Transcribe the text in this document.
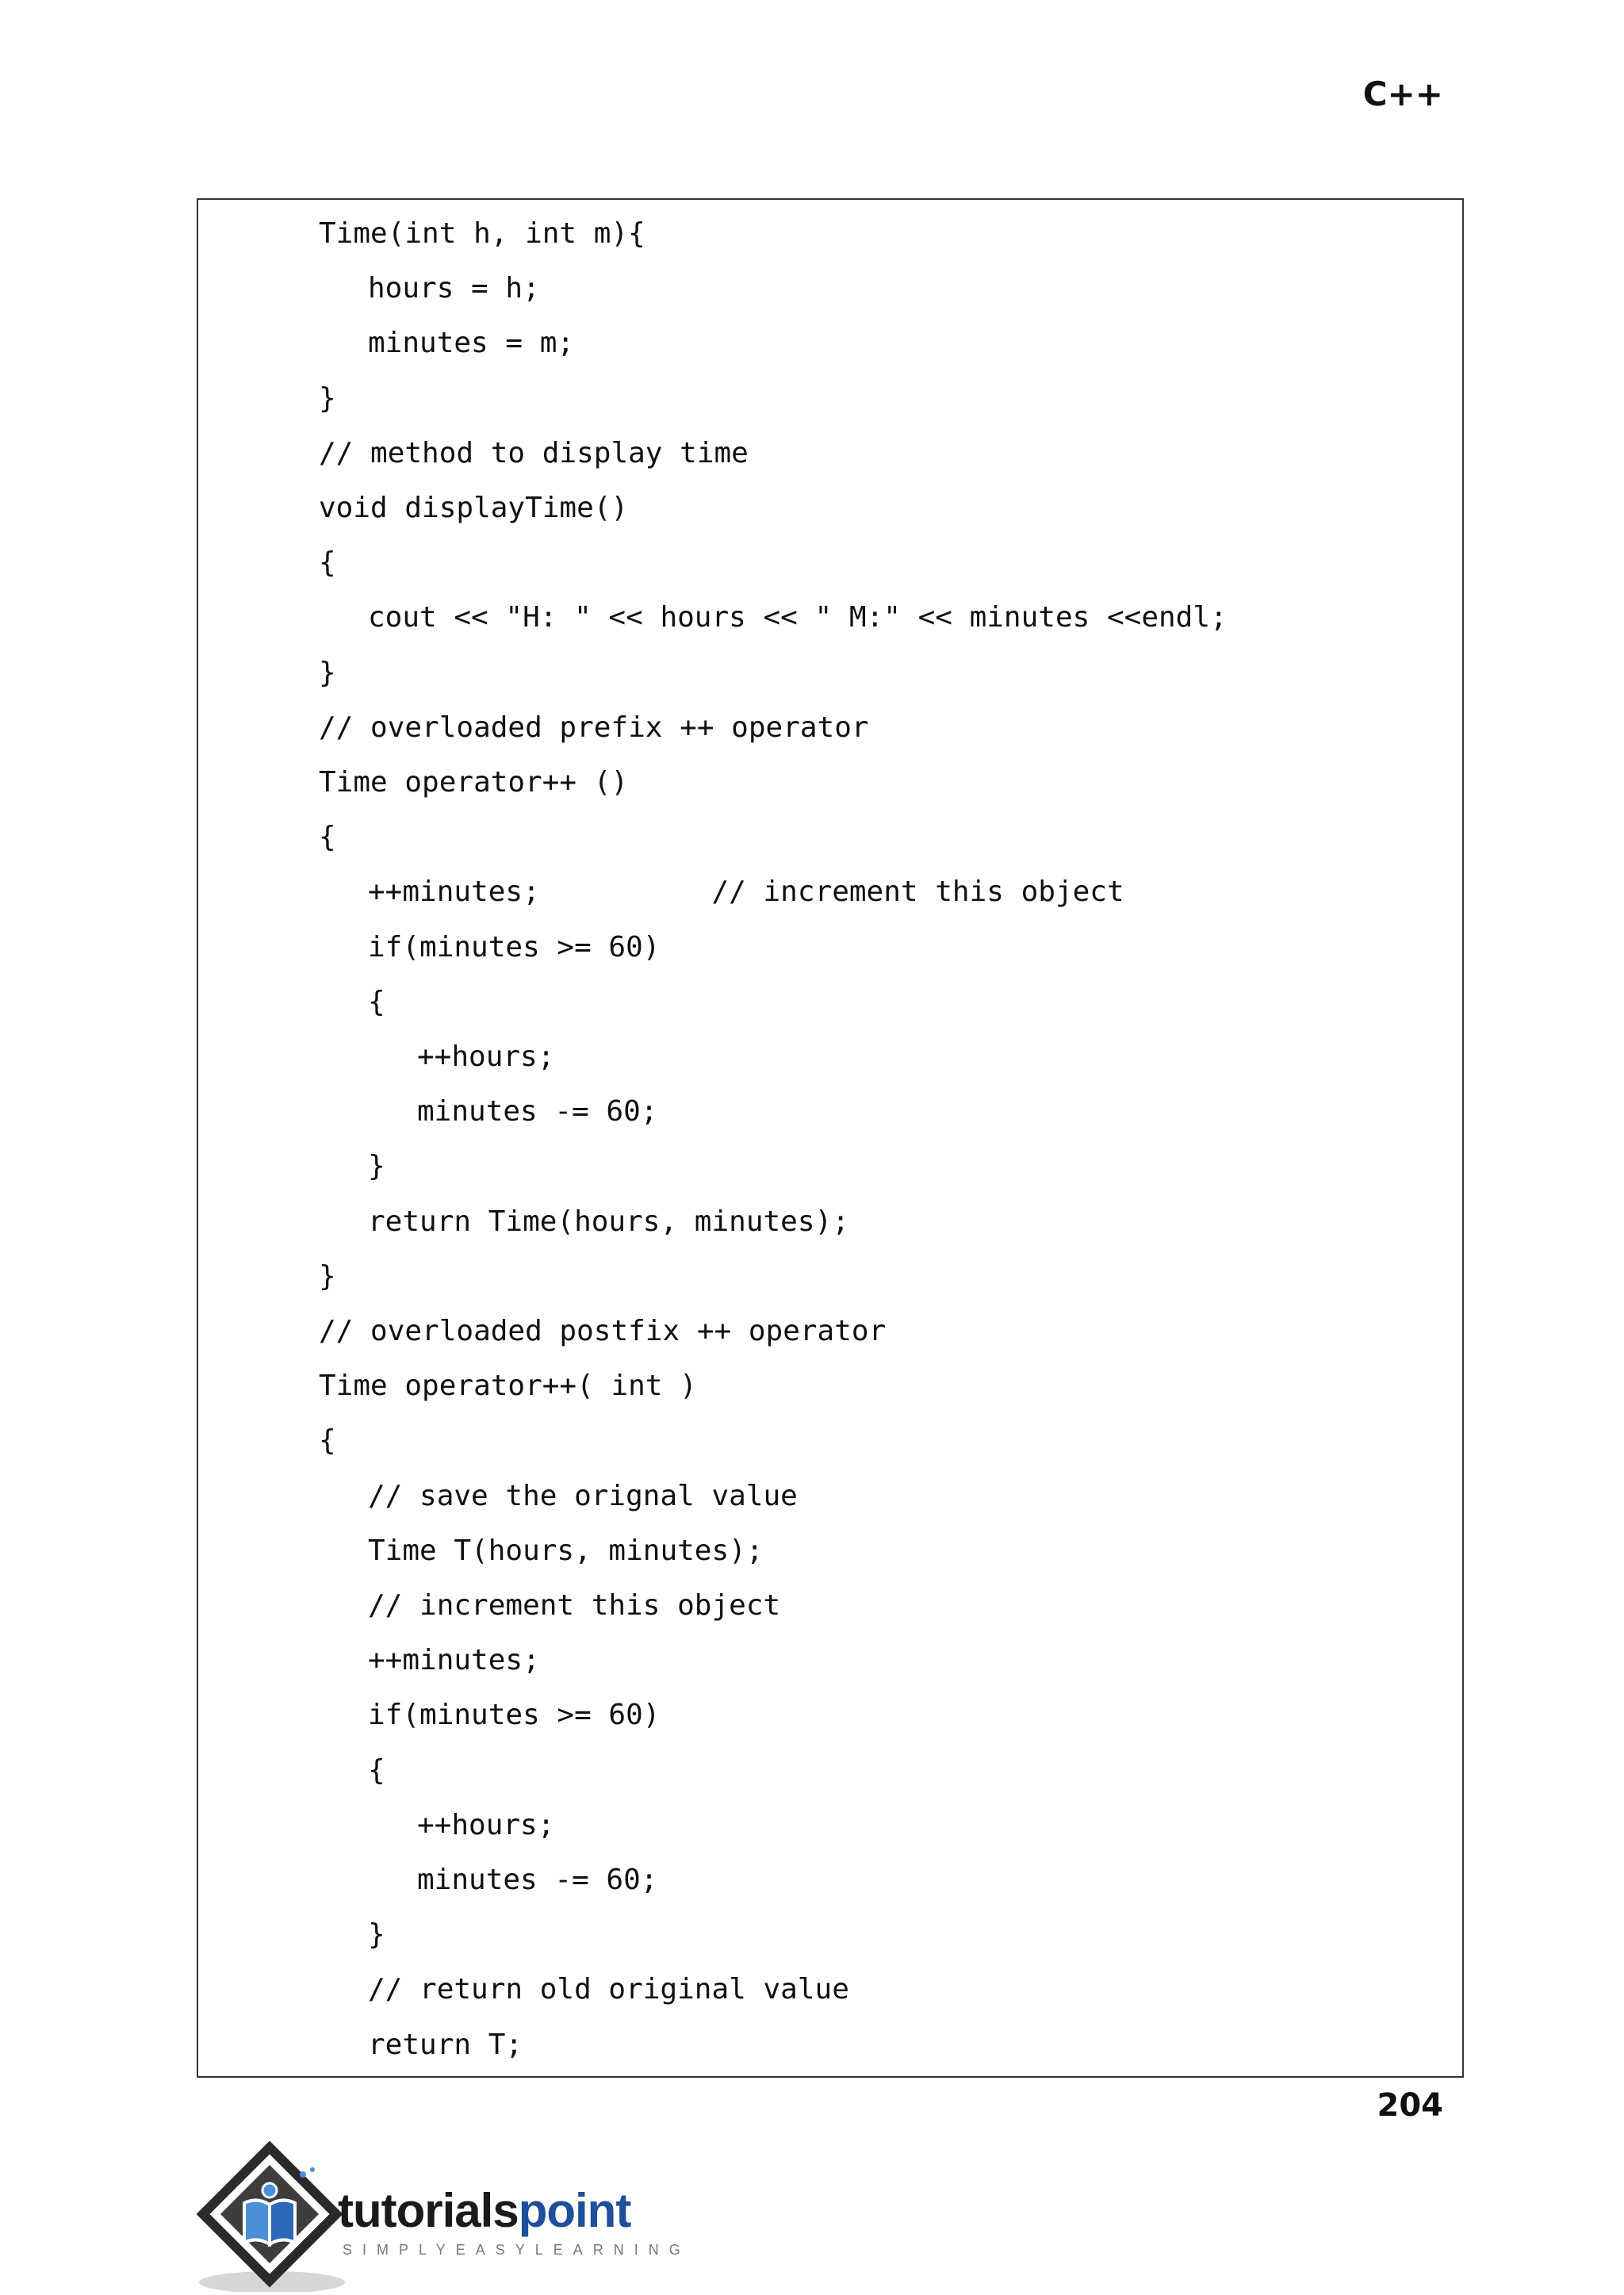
C++
Time(int h, int m){
hours = h;
minutes = m;
}
// method to display time
void displayTime()
{
cout << "H: " << hours << " M:" << minutes <<endl;
}
// overloaded prefix ++ operator
Time operator++ ()
{
++minutes;          // increment this object
if(minutes >= 60)
{
++hours;
minutes -= 60;
}
return Time(hours, minutes);
}
// overloaded postfix ++ operator
Time operator++( int )
{
// save the orignal value
Time T(hours, minutes);
// increment this object
++minutes;
if(minutes >= 60)
{
++hours;
minutes -= 60;
}
// return old original value
return T;
204
tutorialspoint
SIMPLYEASYLEARNING
